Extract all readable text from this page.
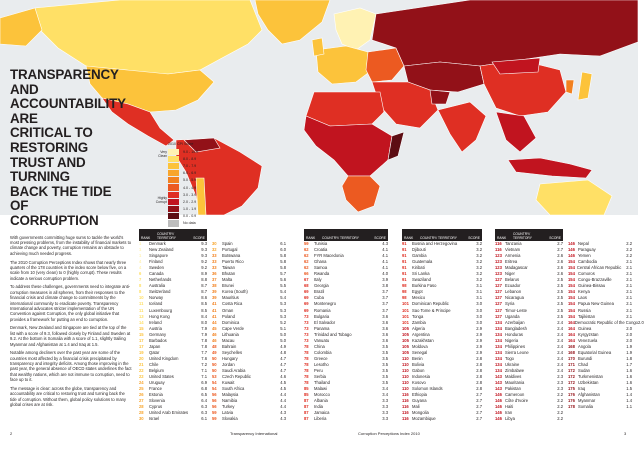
TRANSPARENCY AND
ACCOUNTABILITY ARE
CRITICAL TO RESTORING
TRUST AND TURNING
BACK THE TIDE OF
CORRUPTION

With governments committing huge sums to tackle the world's most pressing problems, from the instability of financial markets to climate change and poverty, corruption remains an obstacle to achieving much needed progress.

The 2010 Corruption Perceptions Index shows that nearly three quarters of the 178 countries in the index score below five, on a scale from 10 (very clean) to 0 (highly corrupt). These results indicate a serious corruption problem.

To address these challenges, governments need to integrate anti-corruption measures in all spheres, from their responses to the financial crisis and climate change to commitments by the international community to eradicate poverty. Transparency International advocates stricter implementation of the UN Convention against Corruption, the only global initiative that provides a framework for putting an end to corruption.

Denmark, New Zealand and Singapore are tied at the top of the list with a score of 9.3, followed closely by Finland and Sweden at 9.2. At the bottom is Somalia with a score of 1.1, slightly trailing Myanmar and Afghanistan at 1.4 and Iraq at 1.5.

Notable among decliners over the past year are some of the countries most affected by a financial crisis precipitated by transparency and integrity deficits. Among those improving in the past year, the general absence of OECD states underlines the fact that wealthy nations, which are not immune to corruption, need to face up to it.

The message is clear: across the globe, transparency and accountability are critical to restoring trust and turning back the tide of corruption. Without them, global policy solutions to many global crises are at risk.

2010 CPI Score
Very Clean
Highly Corrupt
9.0 - 10.0
8.0 - 8.9
7.0 - 7.9
6.0 - 6.9
5.0 - 5.9
4.0 - 4.9
3.0 - 3.9
2.0 - 2.9
1.0 - 1.9
0.0 - 0.9
No data
RANK
COUNTRY/ TERRITORY	SCORE
1	Denmark	9.3
1	New Zealand	9.3
1	Singapore	9.3
4	Finland	9.2
4	Sweden	9.2
6	Canada	8.9
7	Netherlands	8.8
8	Australia	8.7
8	Switzerland	8.7
10	Norway	8.6
11	Iceland	8.5
11	Luxembourg	8.5
13	Hong Kong	8.4
14	Ireland	8.0
15	Austria	7.9
15	Germany	7.9
17	Barbados	7.8
17	Japan	7.8
19	Qatar	7.7
20	United Kingdom	7.6
21	Chile	7.2
22	Belgium	7.1
22	United States	7.1
24	Uruguay	6.9
25	France	6.8
26	Estonia	6.5
27	Slovenia	6.4
28	Cyprus	6.3
28	United Arab Emirates	6.3
30	Israel	6.1
30	Spain	6.1
32	Portugal	6.0
33	Botswana	5.8
33	Puerto Rico	5.8
33	Taiwan	5.8
36	Bhutan	5.7
37	Malta	5.6
38	Brunei	5.5
39	Korea (South)	5.4
39	Mauritius	5.4
41	Costa Rica	5.3
41	Oman	5.3
41	Poland	5.3
44	Dominica	5.2
45	Cape Verde	5.1
46	Lithuania	5.0
46	Macau	5.0
48	Bahrain	4.9
49	Seychelles	4.8
50	Hungary	4.7
50	Jordan	4.7
50	Saudi Arabia	4.7
53	Czech Republic	4.6
54	Kuwait	4.5
54	South Africa	4.5
56	Malaysia	4.4
56	Namibia	4.4
56	Turkey	4.4
59	Latvia	4.3
59	Slovakia	4.3
RANK	COUNTRY/ TERRITORY	SCORE
59	Tunisia	4.3
62	Croatia	4.1
62	FYR Macedonia	4.1
62	Ghana	4.1
62	Samoa	4.1
66	Rwanda	4.0
67	Italy	3.9
68	Georgia	3.8
69	Brazil	3.7
69	Cuba	3.7
69	Montenegro	3.7
69	Romania	3.7
73	Bulgaria	3.6
73	El Salvador	3.6
73	Panama	3.6
73	Trinidad and Tobago	3.6
73	Vanuatu	3.6
78	China	3.5
78	Colombia	3.5
78	Greece	3.5
78	Lesotho	3.5
78	Peru	3.5
78	Serbia	3.5
78	Thailand	3.5
85	Malawi	3.4
85	Morocco	3.4
87	Albania	3.3
87	India	3.3
87	Jamaica	3.3
87	Liberia	3.3
RANK	COUNTRY/ TERRITORY	SCORE
91	Bosnia and Herzegovina	3.2
91	Djibouti	3.2
91	Gambia	3.2
91	Guatemala	3.2
91	Kiribati	3.2
91	Sri Lanka	3.2
91	Swaziland	3.2
98	Burkina Faso	3.1
98	Egypt	3.1
98	Mexico	3.1
101 Dominican Republic	3.0
101 Sao Tome & Principe	3.0
101 Tonga	3.0
101 Zambia	3.0
105 Algeria	2.9
105 Argentina	2.9
105 Kazakhstan	2.9
105 Moldova	2.9
105 Senegal	2.9
110 Benin	2.8
110 Bolivia	2.8
110 Gabon	2.8
110 Indonesia	2.8
110 Kosovo	2.8
110 Solomon Islands	2.8
116 Ethiopia	2.7
116 Guyana	2.7
116 Mali	2.7
116 Mongolia	2.7
116 Mozambique	2.7
RANK
COUNTRY/ TERRITORY	SCORE
116 Tanzania	2.7
116 Vietnam	2.7
123 Armenia	2.6
123 Eritrea	2.6
123 Madagascar	2.6
123 Niger	2.6
127 Belarus	2.5
127 Ecuador	2.5
127 Lebanon	2.5
127 Nicaragua	2.5
127 Syria	2.5
127 Timor-Leste	2.5
127 Uganda	2.5
134 Azerbaijan	2.4
134 Bangladesh	2.4
134 Honduras	2.4
134 Nigeria	2.4
134 Philippines	2.4
134 Sierra Leone	2.4
134 Togo	2.4
134 Ukraine	2.4
134 Zimbabwe	2.4
143 Maldives	2.3
143 Mauritania	2.3
143 Pakistan	2.3
146 Cameroon	2.2
146 Côte d'Ivoire	2.2
146 Haiti	2.2
146 Iran	2.2
146 Libya	2.2
146 Nepal	2.2
146 Paraguay	2.2
146 Yemen	2.2
154 Cambodia	2.1
154 Central African Republic	2.1
154 Comoros	2.1
154 Congo-Brazzaville	2.1
154 Guinea-Bissau	2.1
154 Kenya	2.1
154 Laos	2.1
154 Papua New Guinea	2.1
154 Russia	2.1
154 Tajikistan	2.1
164 Democratic Republic of the Congo 2.0
164 Guinea	2.0
164 Kyrgyzstan	2.0
164 Venezuela	2.0
168 Angola	1.9
168 Equatorial Guinea	1.9
170 Burundi	1.8
171 Chad	1.7
172 Sudan	1.6
172 Turkmenistan	1.6
172 Uzbekistan	1.6
175 Iraq	1.5
176 Afghanistan	1.4
176 Myanmar	1.4
178 Somalia	1.1
2	Transparency International	Corruption Perceptions Index 2010	3
